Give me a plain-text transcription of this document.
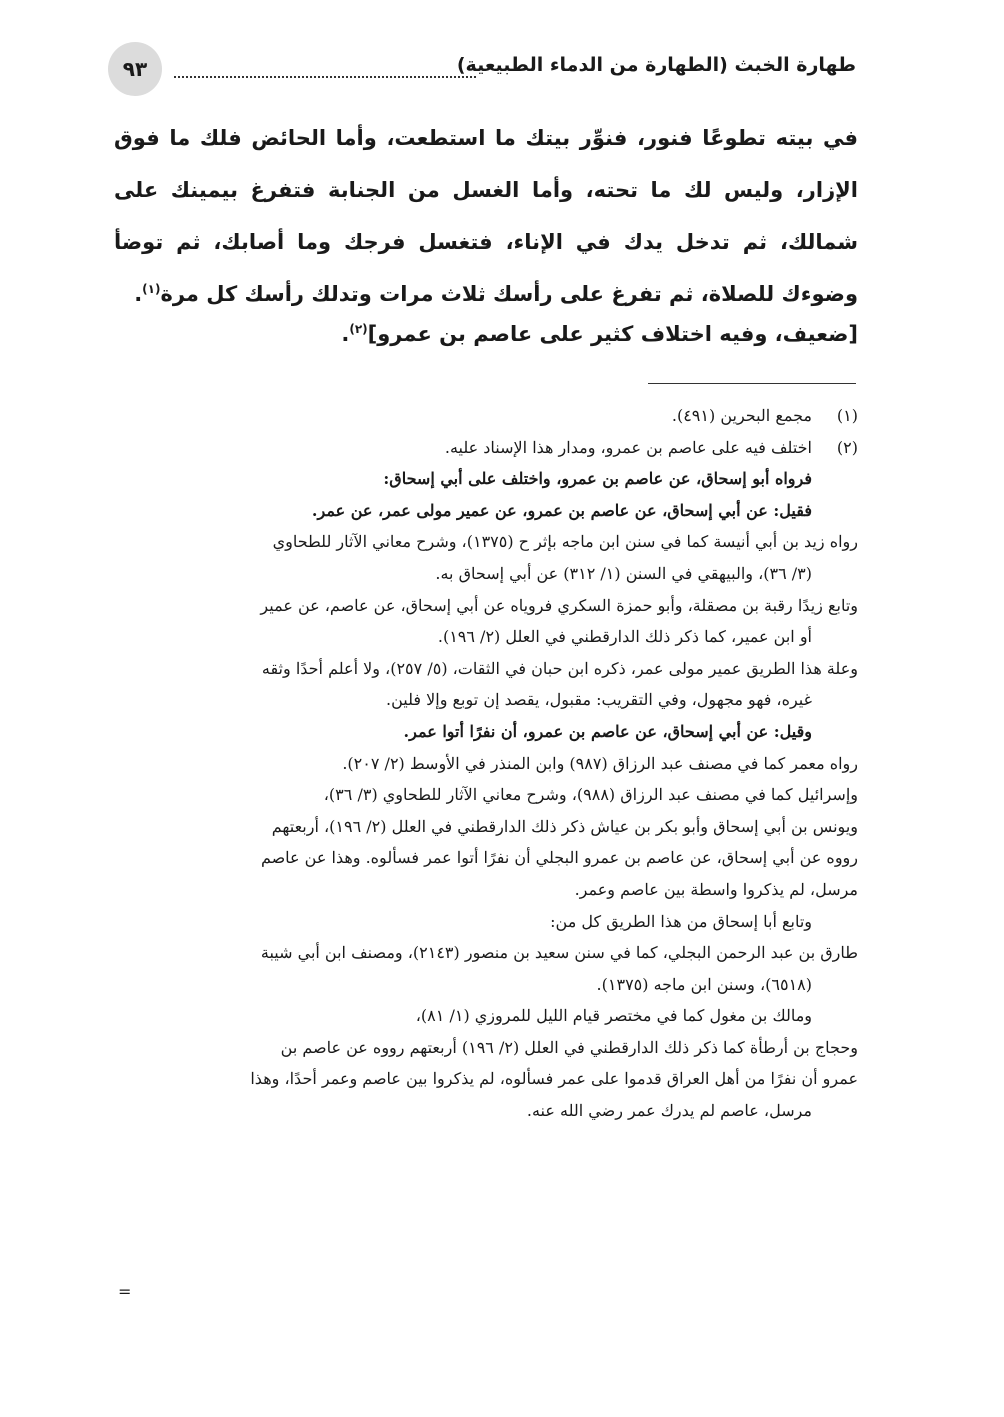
طهارة الخبث (الطهارة من الدماء الطبيعية)
٩٣

في بيته تطوعًا فنور، فنوِّر بيتك ما استطعت، وأما الحائض فلك ما فوق الإزار، وليس لك ما تحته، وأما الغسل من الجنابة فتفرغ بيمينك على شمالك، ثم تدخل يدك في الإناء، فتغسل فرجك وما أصابك، ثم توضأ وضوءك للصلاة، ثم تفرغ على رأسك ثلاث مرات وتدلك رأسك كل مرة$^{(١)}$.

[ضعيف، وفيه اختلاف كثير على عاصم بن عمرو]$^{(٢)}$.
(١)
مجمع البحرين (٤٩١).
(٢)
اختلف فيه على عاصم بن عمرو، ومدار هذا الإسناد عليه.

فرواه أبو إسحاق، عن عاصم بن عمرو، واختلف على أبي إسحاق:

فقيل: عن أبي إسحاق، عن عاصم بن عمرو، عن عمير مولى عمر، عن عمر.

رواه زيد بن أبي أنيسة كما في سنن ابن ماجه بإثر ح (١٣٧٥)، وشرح معاني الآثار للطحاوي

(٣/ ٣٦)، والبيهقي في السنن (١/ ٣١٢) عن أبي إسحاق به.

وتابع زيدًا رقبة بن مصقلة، وأبو حمزة السكري فروياه عن أبي إسحاق، عن عاصم، عن عمير

أو ابن عمير، كما ذكر ذلك الدارقطني في العلل (٢/ ١٩٦).

وعلة هذا الطريق عمير مولى عمر، ذكره ابن حبان في الثقات، (٥/ ٢٥٧)، ولا أعلم أحدًا وثقه

غيره، فهو مجهول، وفي التقريب: مقبول، يقصد إن توبع وإلا فلين.

وقيل: عن أبي إسحاق، عن عاصم بن عمرو، أن نفرًا أتوا عمر.

رواه معمر كما في مصنف عبد الرزاق (٩٨٧) وابن المنذر في الأوسط (٢/ ٢٠٧).

وإسرائيل كما في مصنف عبد الرزاق (٩٨٨)، وشرح معاني الآثار للطحاوي (٣/ ٣٦)،

ويونس بن أبي إسحاق وأبو بكر بن عياش ذكر ذلك الدارقطني في العلل (٢/ ١٩٦)، أربعتهم

رووه عن أبي إسحاق، عن عاصم بن عمرو البجلي أن نفرًا أتوا عمر فسألوه. وهذا عن عاصم

مرسل، لم يذكروا واسطة بين عاصم وعمر.

وتابع أبا إسحاق من هذا الطريق كل من:

طارق بن عبد الرحمن البجلي، كما في سنن سعيد بن منصور (٢١٤٣)، ومصنف ابن أبي شيبة

(٦٥١٨)، وسنن ابن ماجه (١٣٧٥).

ومالك بن مغول كما في مختصر قيام الليل للمروزي (١/ ٨١)،

وحجاج بن أرطأة كما ذكر ذلك الدارقطني في العلل (٢/ ١٩٦) أربعتهم رووه عن عاصم بن

عمرو أن نفرًا من أهل العراق قدموا على عمر فسألوه، لم يذكروا بين عاصم وعمر أحدًا، وهذا

مرسل، عاصم لم يدرك عمر رضي الله عنه.

=
